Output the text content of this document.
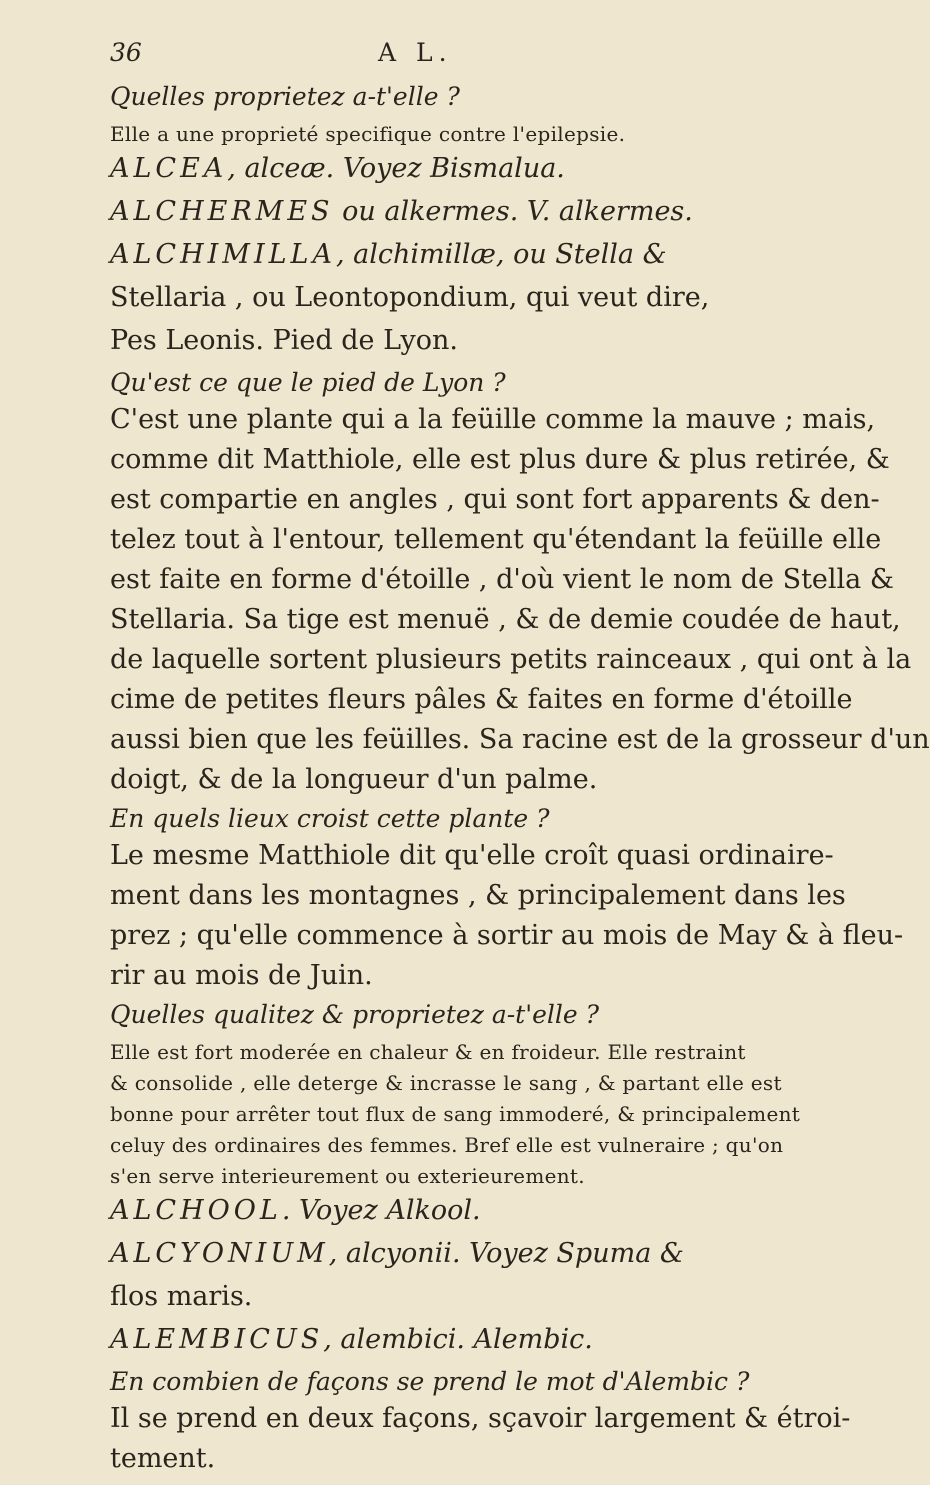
36	A L.
Quelles proprietez a-t'elle ?
Elle a une proprieté specifique contre l'epilepsie.
ALCEA, alceæ. Voyez Bismalua.
ALCHERMES ou alkermes. V. alkermes.
ALCHIMILLA, alchimillæ, ou Stella &
Stellaria , ou Leontopondium, qui veut dire,
Pes Leonis. Pied de Lyon.
Qu'est ce que le pied de Lyon ?
C'est une plante qui a la feüille comme la mauve ; mais,
comme dit Matthiole, elle est plus dure & plus retirée, &
est compartie en angles , qui sont fort apparents & den-
telez tout à l'entour, tellement qu'étendant la feüille elle
est faite en forme d'étoille , d'où vient le nom de Stella &
Stellaria. Sa tige est menuë , & de demie coudée de haut,
de laquelle sortent plusieurs petits rainceaux , qui ont à la
cime de petites fleurs pâles & faites en forme d'étoille
aussi bien que les feüilles. Sa racine est de la grosseur d'un
doigt, & de la longueur d'un palme.
En quels lieux croist cette plante ?
Le mesme Matthiole dit qu'elle croît quasi ordinaire-
ment dans les montagnes , & principalement dans les
prez ; qu'elle commence à sortir au mois de May & à fleu-
rir au mois de Juin.
Quelles qualitez & proprietez a-t'elle ?
Elle est fort moderée en chaleur & en froideur. Elle restraint
& consolide , elle deterge & incrasse le sang , & partant elle est
bonne pour arrêter tout flux de sang immoderé, & principalement
celuy des ordinaires des femmes. Bref elle est vulneraire ; qu'on
s'en serve interieurement ou exterieurement.
ALCHOOL. Voyez Alkool.
ALCYONIUM, alcyonii. Voyez Spuma &
flos maris.
ALEMBICUS, alembici. Alembic.
En combien de façons se prend le mot d'Alembic ?
Il se prend en deux façons, sçavoir largement & étroi-
tement.
